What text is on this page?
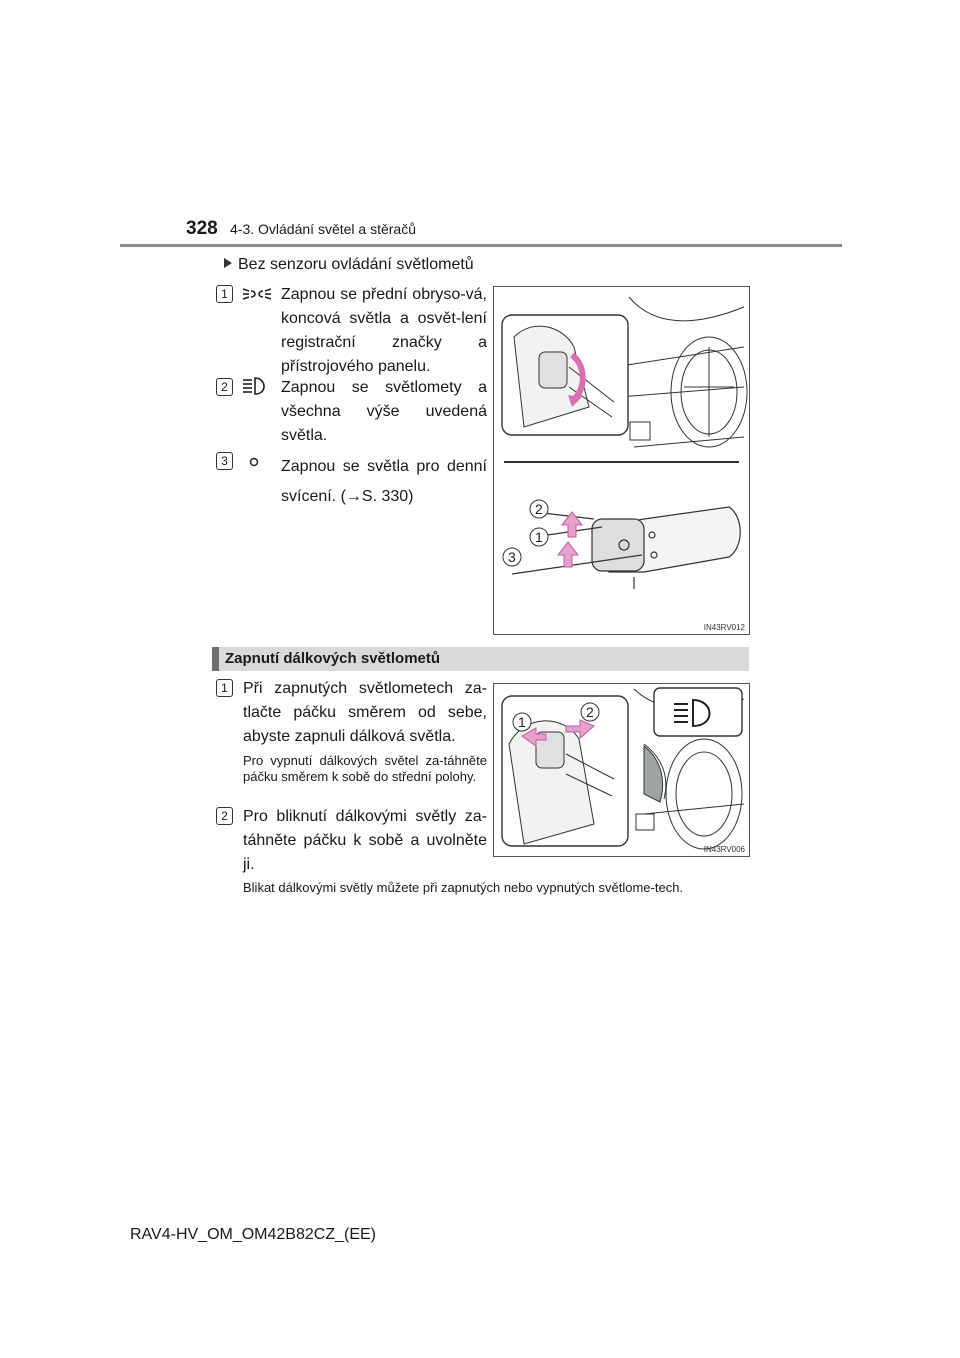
328 4-3. Ovládání světel a stěračů
Bez senzoru ovládání světlometů
1	Zapnou se přední obryso-vá, koncová světla a osvět-lení registrační značky a přístrojového panelu.
2	Zapnou se světlomety a všechna výše uvedená světla.
3	Zapnou se světla pro denní svícení. (→S. 330)
2
1
3
IN43RV012
Zapnutí dálkových světlometů
1 Při zapnutých světlometech za-tlačte páčku směrem od sebe, abyste zapnuli dálková světla.
Pro vypnutí dálkových světel za-táhněte páčku směrem k sobě do střední polohy.
2 Pro bliknutí dálkovými světly za-táhněte páčku k sobě a uvolněte ji.
1
2
IN43RV006
Blikat dálkovými světly můžete při zapnutých nebo vypnutých světlome-tech.
RAV4-HV_OM_OM42B82CZ_(EE)
